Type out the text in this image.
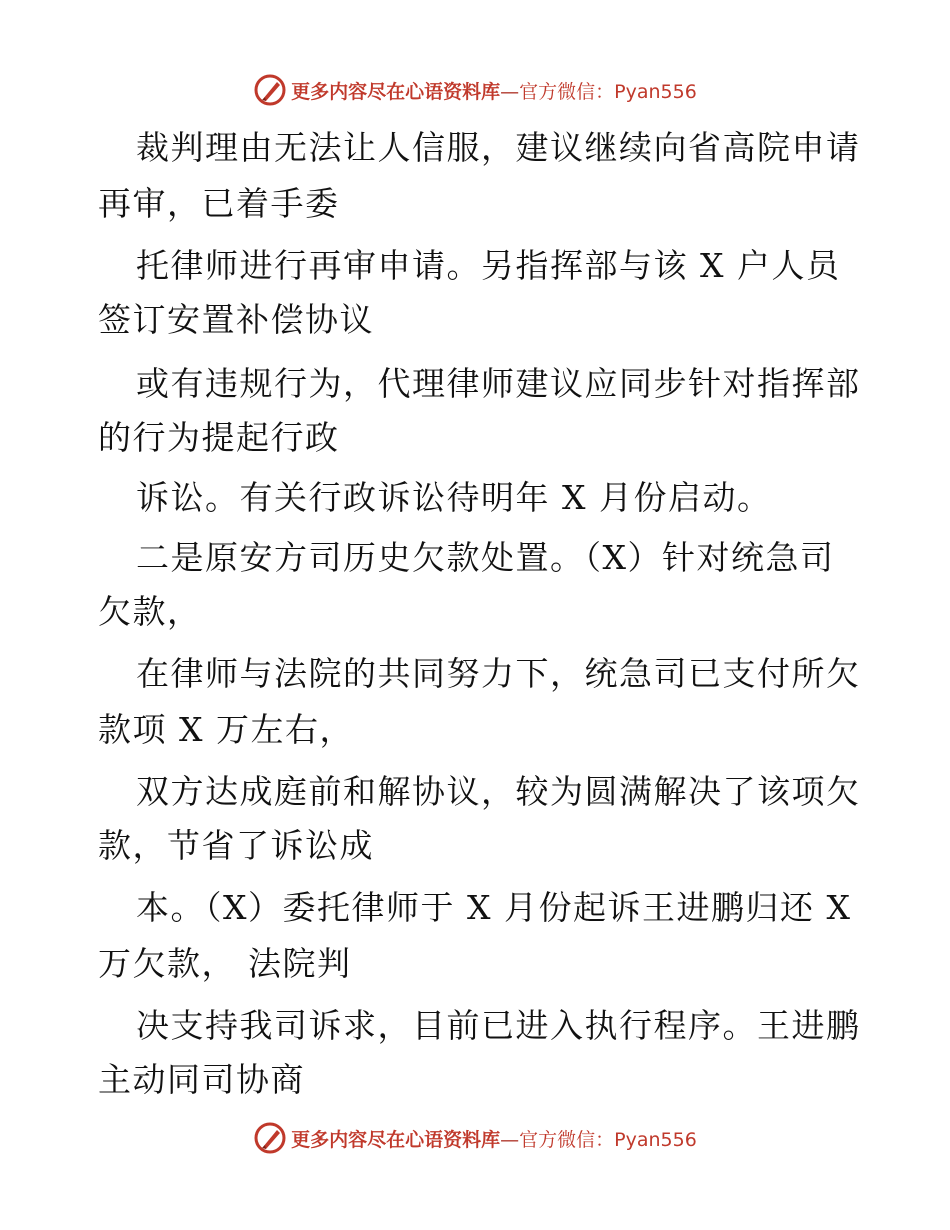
更多内容尽在心语资料库—官方微信：Pyan556
裁判理由无法让人信服，建议继续向省高院申请
再审，已着手委
托律师进行再审申请。另指挥部与该 X 户人员
签订安置补偿协议
或有违规行为，代理律师建议应同步针对指挥部
的行为提起行政
诉讼。有关行政诉讼待明年 X 月份启动。
二是原安方司历史欠款处置。（X）针对统急司
欠款，
在律师与法院的共同努力下，统急司已支付所欠
款项 X 万左右，
双方达成庭前和解协议，较为圆满解决了该项欠
款，节省了诉讼成
本。（X）委托律师于 X 月份起诉王进鹏归还 X
万欠款， 法院判
决支持我司诉求，目前已进入执行程序。王进鹏
主动同司协商
更多内容尽在心语资料库—官方微信：Pyan556
